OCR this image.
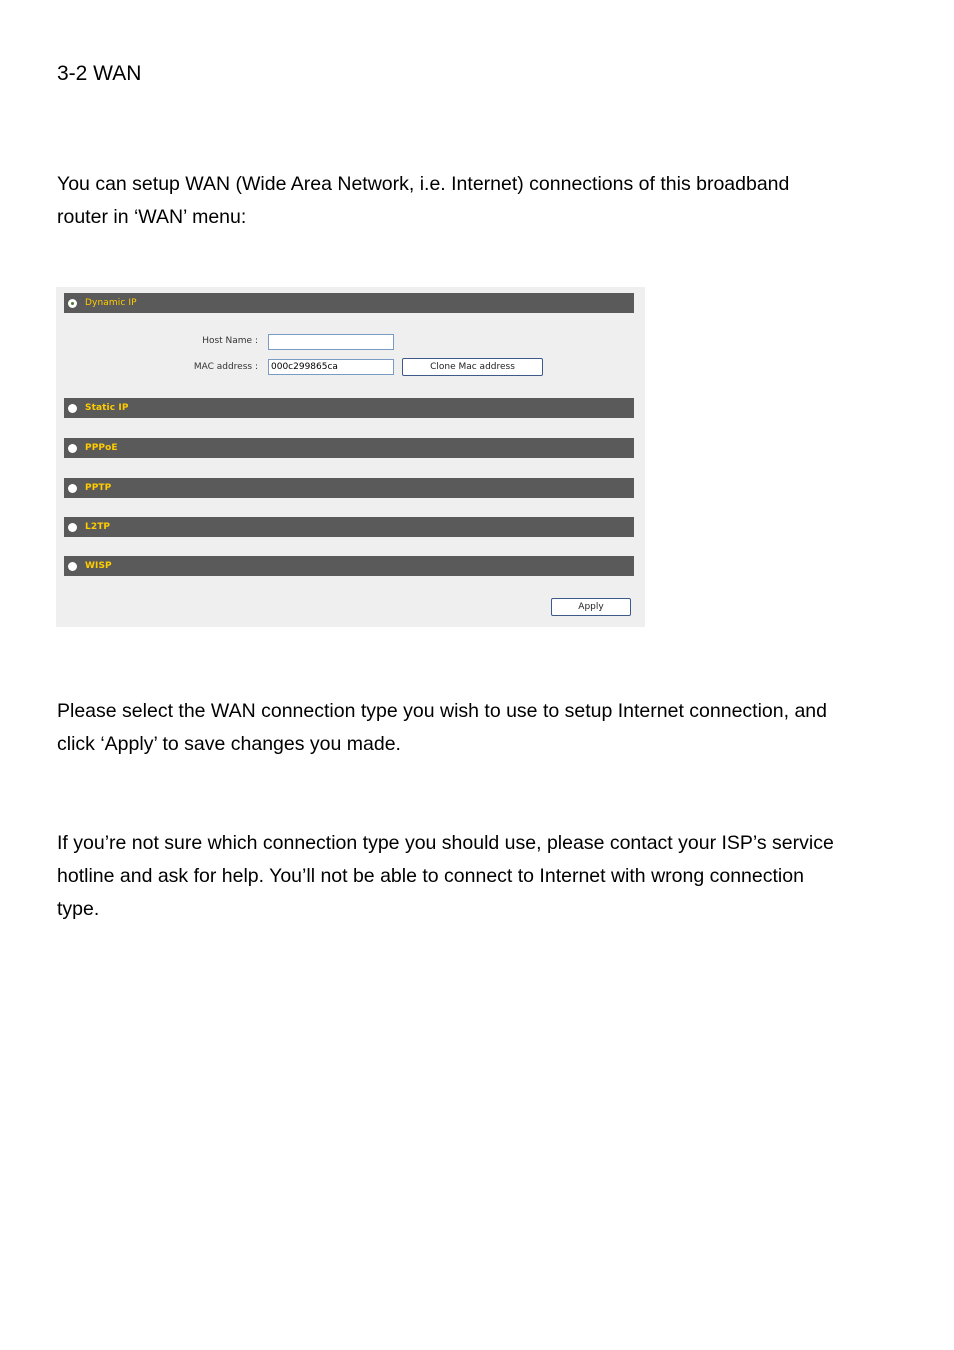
3-2 WAN

You can setup WAN (Wide Area Network, i.e. Internet) connections of this broadband

router in ‘WAN’ menu:

Dynamic IP
Host Name :
MAC address :
000c299865ca	Clone Mac address
Static IP
PPPoE
PPTP
L2TP
WISP
Apply

Please select the WAN connection type you wish to use to setup Internet connection, and

click ‘Apply’ to save changes you made.

If you’re not sure which connection type you should use, please contact your ISP’s service

hotline and ask for help. You’ll not be able to connect to Internet with wrong connection

type.
